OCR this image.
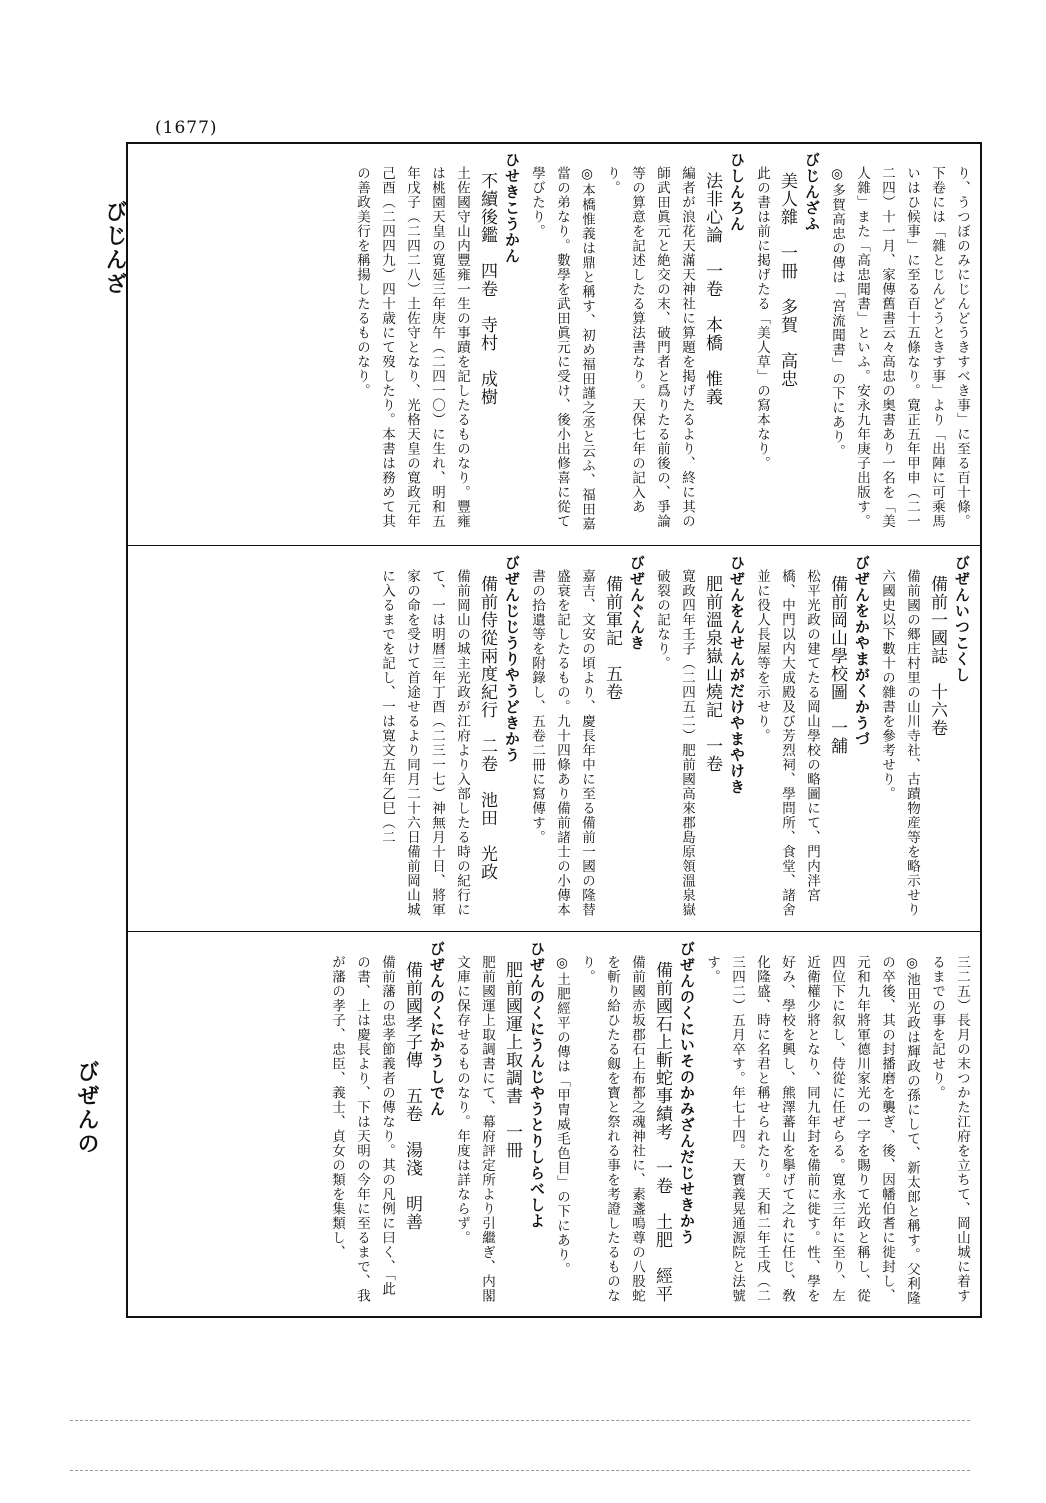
(1677)

り、うつぼのみにじんどうきすべき事」に至る百十條。下卷には「雜とじんどうときす事」より「出陣に可乘馬いはひ候事」に至る百十五條なり。寛正五年甲申（二一二四）十一月、家傳舊書云々高忠の奥書あり一名を「美人雜」また「高忠聞書」といふ。安永九年庚子出版す。

◎多賀高忠の傳は「宮流聞書」の下にあり。

びじんざふ

美人雜　一冊　多賀　高忠

此の書は前に掲げたる「美人草」の寫本なり。

ひしんろん

法非心論　一卷　本橋　惟義

編者が浪花天滿天神社に算題を掲げたるより、終に其の師武田眞元と絶交の末、破門者と爲りたる前後の、爭論等の算意を記述したる算法書なり。天保七年の記入あり。

◎本橋惟義は鼎と稱す、初め福田謹之丞と云ふ、福田嘉當の弟なり。數學を武田眞元に受け、後小出修喜に從て學びたり。

ひせきこうかん

不續後鑑　四卷　寺村　成樹

土佐國守山内豐雍一生の事蹟を記したるものなり。豐雍は桃園天皇の寛延三年庚午（二四一〇）に生れ、明和五年戊子（二四二八）土佐守となり、光格天皇の寛政元年己酉（二四四九）四十歳にて歿したり。本書は務めて其の善政美行を稱揚したるものなり。

びぜんいつこくし

備前一國誌　十六卷

備前國の郷庄村里の山川寺社、古蹟物産等を略示せり六國史以下數十の雜書を參考せり。

びぜんをかやまがくかうづ

備前岡山學校圖　一舖

松平光政の建てたる岡山學校の略圖にて、門内泮宮橋、中門以内大成殿及び芳烈祠、學問所、食堂、諸舍並に役人長屋等を示せり。

ひぜんをんせんがだけやまやけき

肥前溫泉嶽山燒記　一卷

寛政四年壬子（二四五二）肥前國高來郡島原領溫泉嶽破裂の記なり。

びぜんぐんき

備前軍記　五卷

嘉吉、文安の頃より、慶長年中に至る備前一國の隆替盛衰を記したるもの。九十四條あり備前諸士の小傳本書の拾遺等を附錄し、五卷二冊に寫傳す。

びぜんじじうりやうどきかう

備前侍從兩度紀行　二卷　池田　光政

備前岡山の城主光政が江府より入部したる時の紀行にて、一は明暦三年丁酉（二三一七）神無月十日、將軍家の命を受けて首途せるより同月二十六日備前岡山城に入るまでを記し、一は寛文五年乙巳（二

三二五）長月の末つかた江府を立ちて、岡山城に着するまでの事を記せり。

◎池田光政は輝政の孫にして、新太郎と稱す。父利隆の卒後、其の封播磨を襲ぎ、後、因幡伯耆に徙封し、元和九年將軍德川家光の一字を賜りて光政と稱し、從四位下に叙し、侍從に任ぜらる。寛永三年に至り、左近衛權少將となり、同九年封を備前に徙す。性、學を好み、學校を興し、熊澤蕃山を擧げて之れに任じ、敎化隆盛、時に名君と稱せられたり。天和二年壬戌（二三四二）五月卒す。年七十四。天寶義晃通源院と法號す。

びぜんのくにいそのかみざんだじせきかう

備前國石上斬蛇事績考　一卷　土肥　經平

備前國赤坂郡石上布都之魂神社に、素盞嗚尊の八股蛇を斬り給ひたる劔を寶と祭れる事を考證したるものなり。

◎土肥經平の傳は「甲冑威毛色目」の下にあり。

ひぜんのくにうんじやうとりしらべしよ

肥前國運上取調書　一冊

肥前國運上取調書にて、幕府評定所より引繼ぎ、内閣文庫に保存せるものなり。年度は詳ならず。

びぜんのくにかうしでん

備前國孝子傳　五卷　湯淺　明善

備前藩の忠孝節義者の傳なり。其の凡例に曰く、「此の書、上は慶長より、下は天明の今年に至るまで、我が藩の孝子、忠臣、義士、貞女の類を集類し、

びじんざ
びぜんの
